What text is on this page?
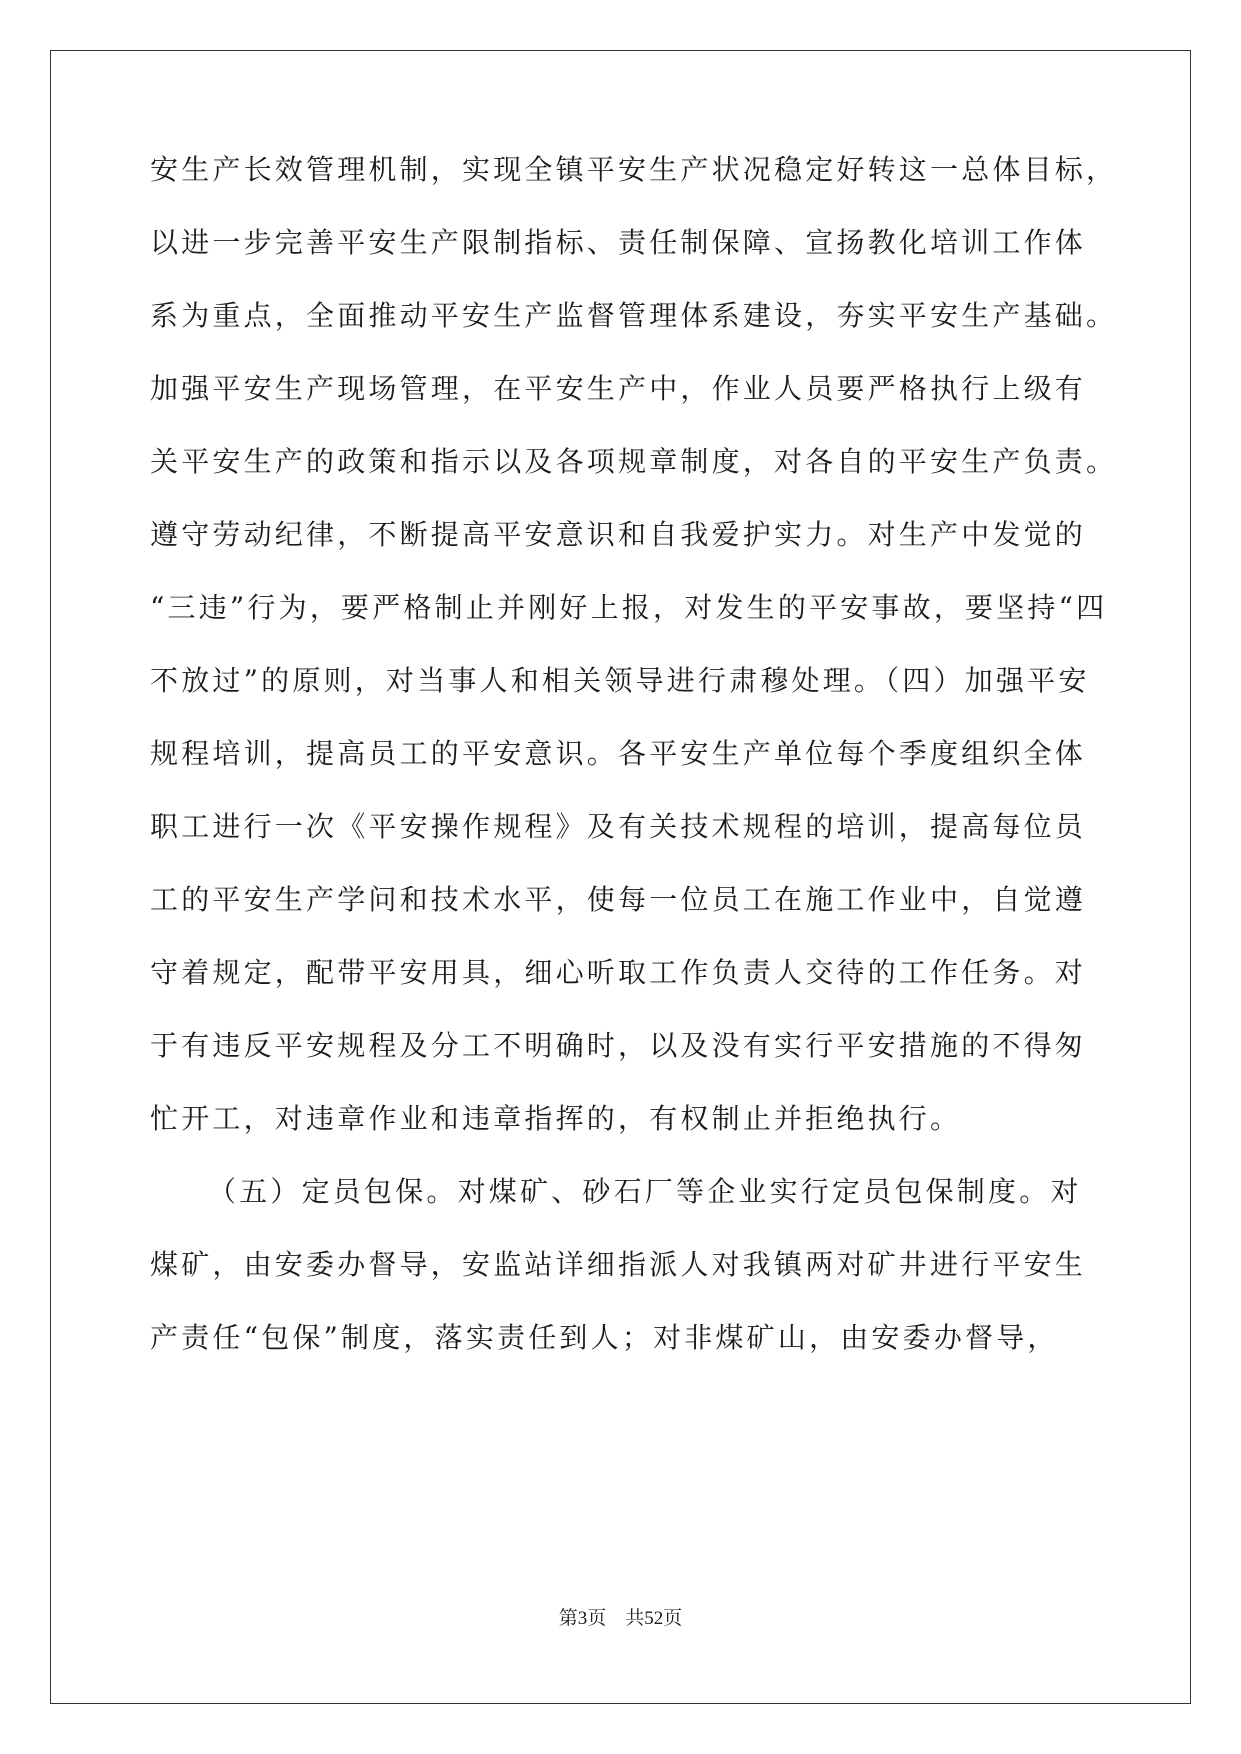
安生产长效管理机制，实现全镇平安生产状况稳定好转这一总体目标，
以进一步完善平安生产限制指标、责任制保障、宣扬教化培训工作体
系为重点，全面推动平安生产监督管理体系建设，夯实平安生产基础。
加强平安生产现场管理，在平安生产中，作业人员要严格执行上级有
关平安生产的政策和指示以及各项规章制度，对各自的平安生产负责。
遵守劳动纪律，不断提高平安意识和自我爱护实力。对生产中发觉的
“三违”行为，要严格制止并刚好上报，对发生的平安事故，要坚持“四
不放过”的原则，对当事人和相关领导进行肃穆处理。（四）加强平安
规程培训，提高员工的平安意识。各平安生产单位每个季度组织全体
职工进行一次《平安操作规程》及有关技术规程的培训，提高每位员
工的平安生产学问和技术水平，使每一位员工在施工作业中，自觉遵
守着规定，配带平安用具，细心听取工作负责人交待的工作任务。对
于有违反平安规程及分工不明确时，以及没有实行平安措施的不得匆
忙开工，对违章作业和违章指挥的，有权制止并拒绝执行。
（五）定员包保。对煤矿、砂石厂等企业实行定员包保制度。对
煤矿，由安委办督导，安监站详细指派人对我镇两对矿井进行平安生
产责任“包保”制度，落实责任到人；对非煤矿山，由安委办督导，
第3页　共52页
